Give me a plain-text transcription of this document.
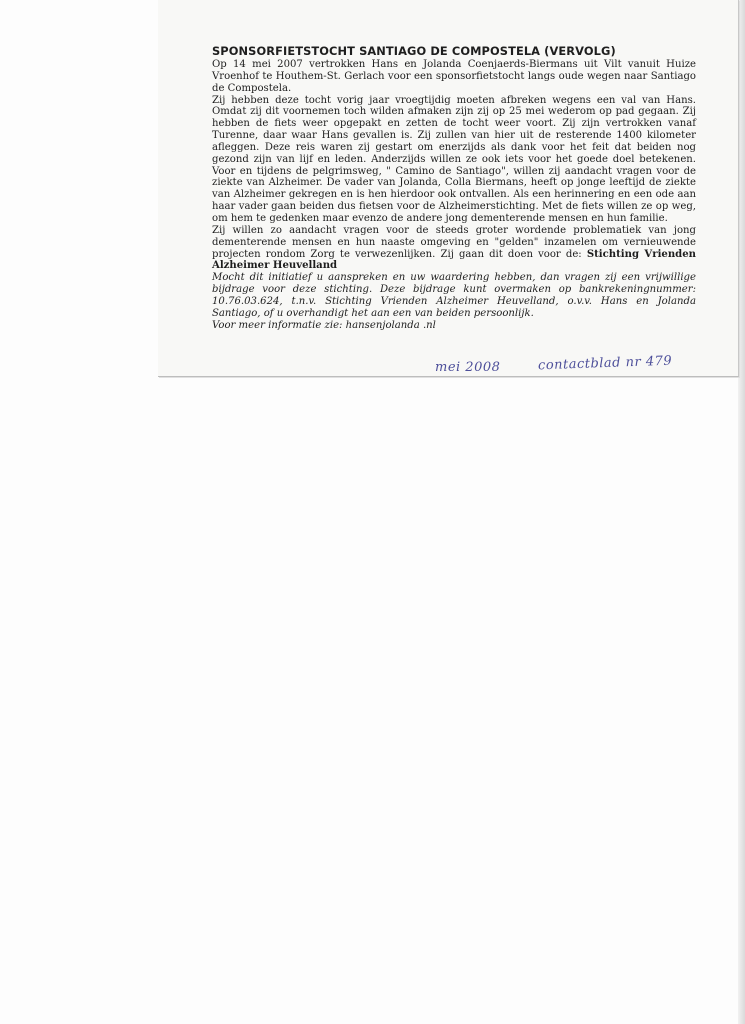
SPONSORFIETSTOCHT SANTIAGO DE COMPOSTELA (VERVOLG)

Op 14 mei 2007 vertrokken Hans en Jolanda Coenjaerds-Biermans uit Vilt vanuit Huize Vroenhof te Houthem-St. Gerlach voor een sponsorfietstocht langs oude wegen naar Santiago de Compostela.

Zij hebben deze tocht vorig jaar vroegtijdig moeten afbreken wegens een val van Hans. Omdat zij dit voornemen toch wilden afmaken zijn zij op 25 mei wederom op pad gegaan. Zij hebben de fiets weer opgepakt en zetten de tocht weer voort. Zij zijn vertrokken vanaf Turenne, daar waar Hans gevallen is. Zij zullen van hier uit de resterende 1400 kilometer afleggen. Deze reis waren zij gestart om enerzijds als dank voor het feit dat beiden nog gezond zijn van lijf en leden. Anderzijds willen ze ook iets voor het goede doel betekenen. Voor en tijdens de pelgrimsweg, " Camino de Santiago", willen zij aandacht vragen voor de ziekte van Alzheimer. De vader van Jolanda, Colla Biermans, heeft op jonge leeftijd de ziekte van Alzheimer gekregen en is hen hierdoor ook ontvallen. Als een herinnering en een ode aan haar vader gaan beiden dus fietsen voor de Alzheimerstichting. Met de fiets willen ze op weg, om hem te gedenken maar evenzo de andere jong dementerende mensen en hun familie.

Zij willen zo aandacht vragen voor de steeds groter wordende problematiek van jong dementerende mensen en hun naaste omgeving en "gelden" inzamelen om vernieuwende projecten rondom Zorg te verwezenlijken. Zij gaan dit doen voor de: Stichting Vrienden Alzheimer Heuvelland

Mocht dit initiatief u aanspreken en uw waardering hebben, dan vragen zij een vrijwillige bijdrage voor deze stichting. Deze bijdrage kunt overmaken op bankrekeningnummer: 10.76.03.624, t.n.v. Stichting Vrienden Alzheimer Heuvelland, o.v.v. Hans en Jolanda Santiago, of u overhandigt het aan een van beiden persoonlijk.

Voor meer informatie zie: hansenjolanda .nl

mei 2008	contactblad nr 479
